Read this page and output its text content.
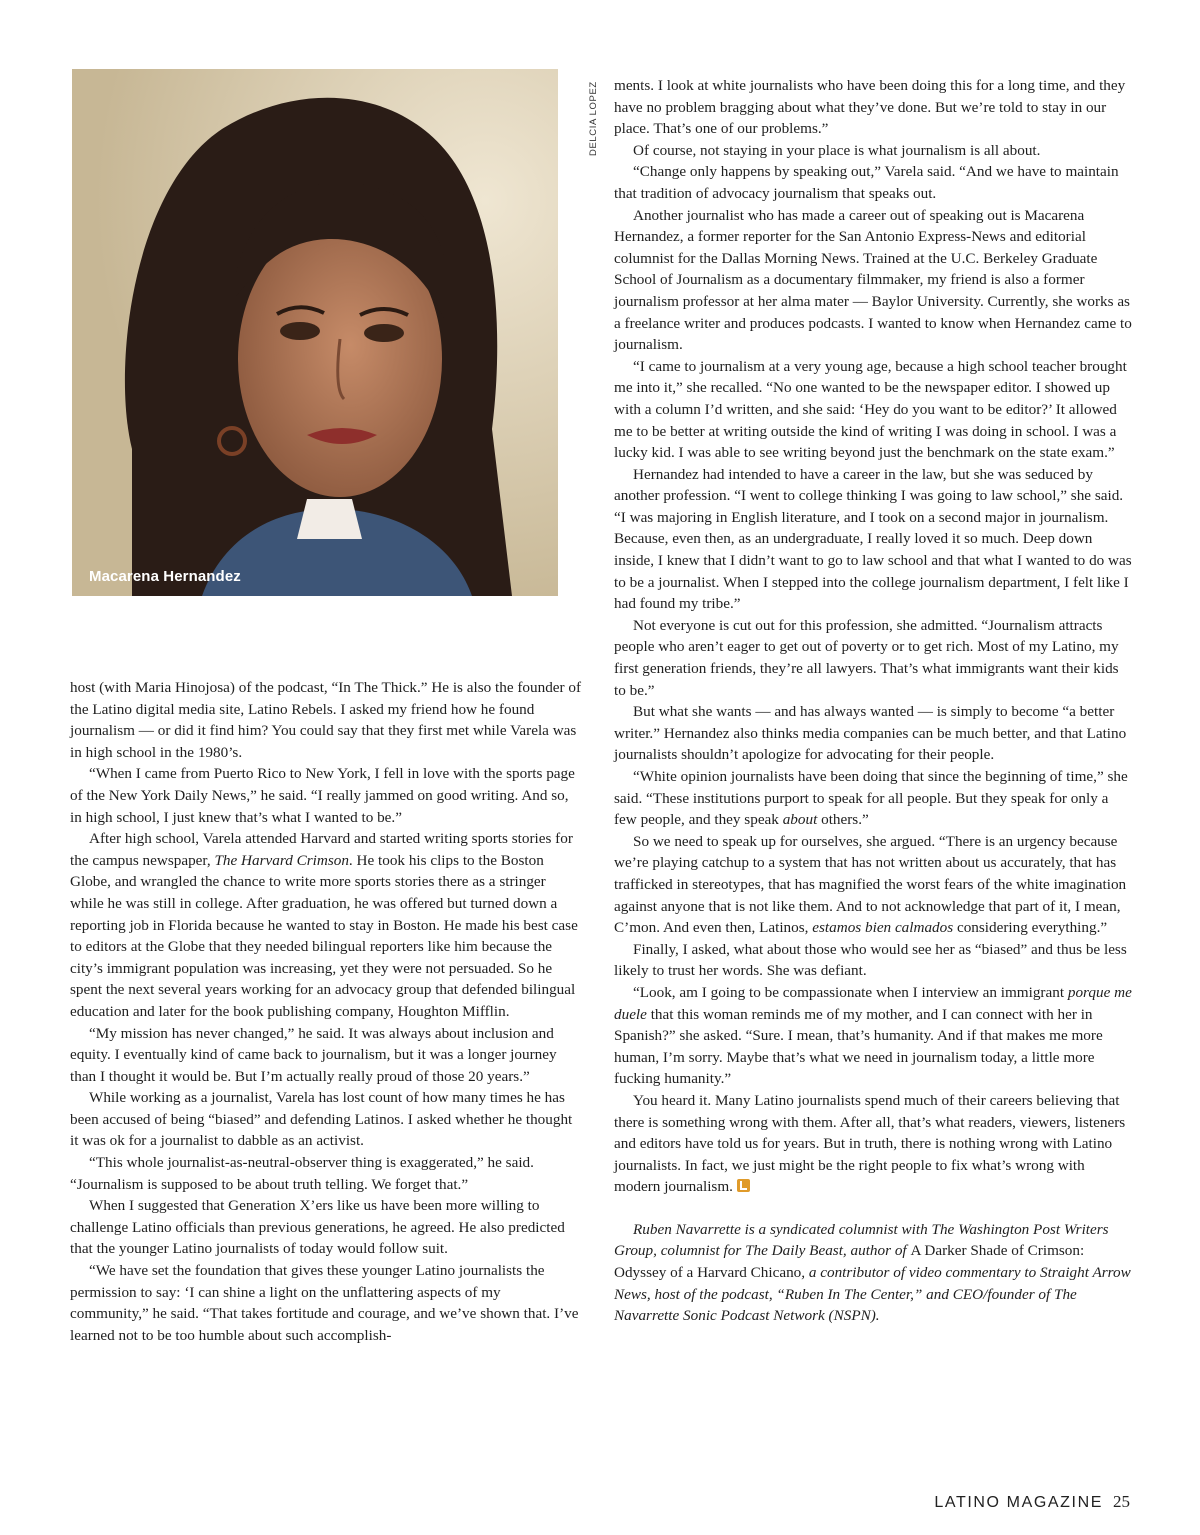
Macarena Hernandez
DELCIA LOPEZ

host (with Maria Hinojosa) of the podcast, “In The Thick.” He is also the founder of the Latino digital media site, Latino Rebels. I asked my friend how he found journalism — or did it find him? You could say that they first met while Varela was in high school in the 1980’s.

“When I came from Puerto Rico to New York, I fell in love with the sports page of the New York Daily News,” he said. “I really jammed on good writing. And so, in high school, I just knew that’s what I wanted to be.”

After high school, Varela attended Harvard and started writing sports stories for the campus newspaper, The Harvard Crimson. He took his clips to the Boston Globe, and wrangled the chance to write more sports stories there as a stringer while he was still in college. After graduation, he was offered but turned down a reporting job in Florida because he wanted to stay in Boston. He made his best case to editors at the Globe that they needed bilingual reporters like him because the city’s immigrant population was increasing, yet they were not persuaded. So he spent the next several years working for an advocacy group that defended bilingual education and later for the book publishing company, Houghton Mifflin.

“My mission has never changed,” he said. It was always about inclusion and equity. I eventually kind of came back to journalism, but it was a longer journey than I thought it would be. But I’m actually really proud of those 20 years.”

While working as a journalist, Varela has lost count of how many times he has been accused of being “biased” and defending Latinos. I asked whether he thought it was ok for a journalist to dabble as an activist.

“This whole journalist-as-neutral-observer thing is exaggerated,” he said. “Journalism is supposed to be about truth telling. We forget that.”

When I suggested that Generation X’ers like us have been more willing to challenge Latino officials than previous generations, he agreed. He also predicted that the younger Latino journalists of today would follow suit.

“We have set the foundation that gives these younger Latino journalists the permission to say: ‘I can shine a light on the unflattering aspects of my community,” he said. “That takes fortitude and courage, and we’ve shown that. I’ve learned not to be too humble about such accomplish-

ments. I look at white journalists who have been doing this for a long time, and they have no problem bragging about what they’ve done. But we’re told to stay in our place. That’s one of our problems.”

Of course, not staying in your place is what journalism is all about.

“Change only happens by speaking out,” Varela said. “And we have to maintain that tradition of advocacy journalism that speaks out.

Another journalist who has made a career out of speaking out is Macarena Hernandez, a former reporter for the San Antonio Express-News and editorial columnist for the Dallas Morning News. Trained at the U.C. Berkeley Graduate School of Journalism as a documentary filmmaker, my friend is also a former journalism professor at her alma mater — Baylor University. Currently, she works as a freelance writer and produces podcasts. I wanted to know when Hernandez came to journalism.

“I came to journalism at a very young age, because a high school teacher brought me into it,” she recalled. “No one wanted to be the newspaper editor. I showed up with a column I’d written, and she said: ‘Hey do you want to be editor?’ It allowed me to be better at writing outside the kind of writing I was doing in school. I was a lucky kid. I was able to see writing beyond just the benchmark on the state exam.”

Hernandez had intended to have a career in the law, but she was seduced by another profession. “I went to college thinking I was going to law school,” she said. “I was majoring in English literature, and I took on a second major in journalism. Because, even then, as an undergraduate, I really loved it so much. Deep down inside, I knew that I didn’t want to go to law school and that what I wanted to do was to be a journalist. When I stepped into the college journalism department, I felt like I had found my tribe.”

Not everyone is cut out for this profession, she admitted. “Journalism attracts people who aren’t eager to get out of poverty or to get rich. Most of my Latino, my first generation friends, they’re all lawyers. That’s what immigrants want their kids to be.”

But what she wants — and has always wanted — is simply to become “a better writer.” Hernandez also thinks media companies can be much better, and that Latino journalists shouldn’t apologize for advocating for their people.

“White opinion journalists have been doing that since the beginning of time,” she said. “These institutions purport to speak for all people. But they speak for only a few people, and they speak about others.”

So we need to speak up for ourselves, she argued. “There is an urgency because we’re playing catchup to a system that has not written about us accurately, that has trafficked in stereotypes, that has magnified the worst fears of the white imagination against anyone that is not like them. And to not acknowledge that part of it, I mean, C’mon. And even then, Latinos, estamos bien calmados considering everything.”

Finally, I asked, what about those who would see her as “biased” and thus be less likely to trust her words. She was defiant.

“Look, am I going to be compassionate when I interview an immigrant porque me duele that this woman reminds me of my mother, and I can connect with her in Spanish?” she asked. “Sure. I mean, that’s humanity. And if that makes me more human, I’m sorry. Maybe that’s what we need in journalism today, a little more fucking humanity.”

You heard it. Many Latino journalists spend much of their careers believing that there is something wrong with them. After all, that’s what readers, viewers, listeners and editors have told us for years. But in truth, there is nothing wrong with Latino journalists. In fact, we just might be the right people to fix what’s wrong with modern journalism.

Ruben Navarrette is a syndicated columnist with The Washington Post Writers Group, columnist for The Daily Beast, author of A Darker Shade of Crimson: Odyssey of a Harvard Chicano, a contributor of video commentary to Straight Arrow News, host of the podcast, “Ruben In The Center,” and CEO/founder of The Navarrette Sonic Podcast Network (NSPN).

LATINO MAGAZINE 25
